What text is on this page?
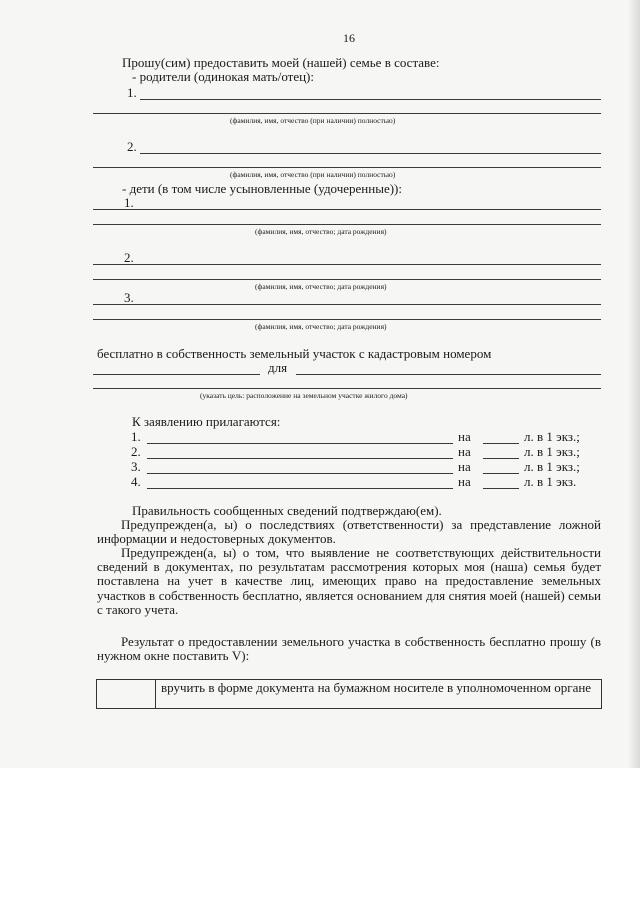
16
Прошу(сим) предоставить моей (нашей) семье в составе:
- родители (одинокая мать/отец):
1.
(фамилия, имя, отчество (при наличии) полностью)
2.
(фамилия, имя, отчество (при наличии) полностью)
- дети (в том числе усыновленные (удочеренные)):
1.
(фамилия, имя, отчество; дата рождения)
2.
(фамилия, имя, отчество; дата рождения)
3.
(фамилия, имя, отчество; дата рождения)
бесплатно в собственность земельный участок с кадастровым номером
для
(указать цель: расположение на земельном участке жилого дома)
К заявлению прилагаются:
1.	на	л. в 1 экз.;
2.	на	л. в 1 экз.;
3.	на	л. в 1 экз.;
4.	на	л. в 1 экз.
Правильность сообщенных сведений подтверждаю(ем).
Предупрежден(а, ы) о последствиях (ответственности) за представление ложной информации и недостоверных документов.
Предупрежден(а, ы) о том, что выявление не соответствующих действительности сведений в документах, по результатам рассмотрения которых моя (наша) семья будет поставлена на учет в качестве лиц, имеющих право на предоставление земельных участков в собственность бесплатно, является основанием для снятия моей (нашей) семьи с такого учета.
Результат о предоставлении земельного участка в собственность бесплатно прошу (в нужном окне поставить V):
вручить в форме документа на бумажном носителе в уполномоченном органе
